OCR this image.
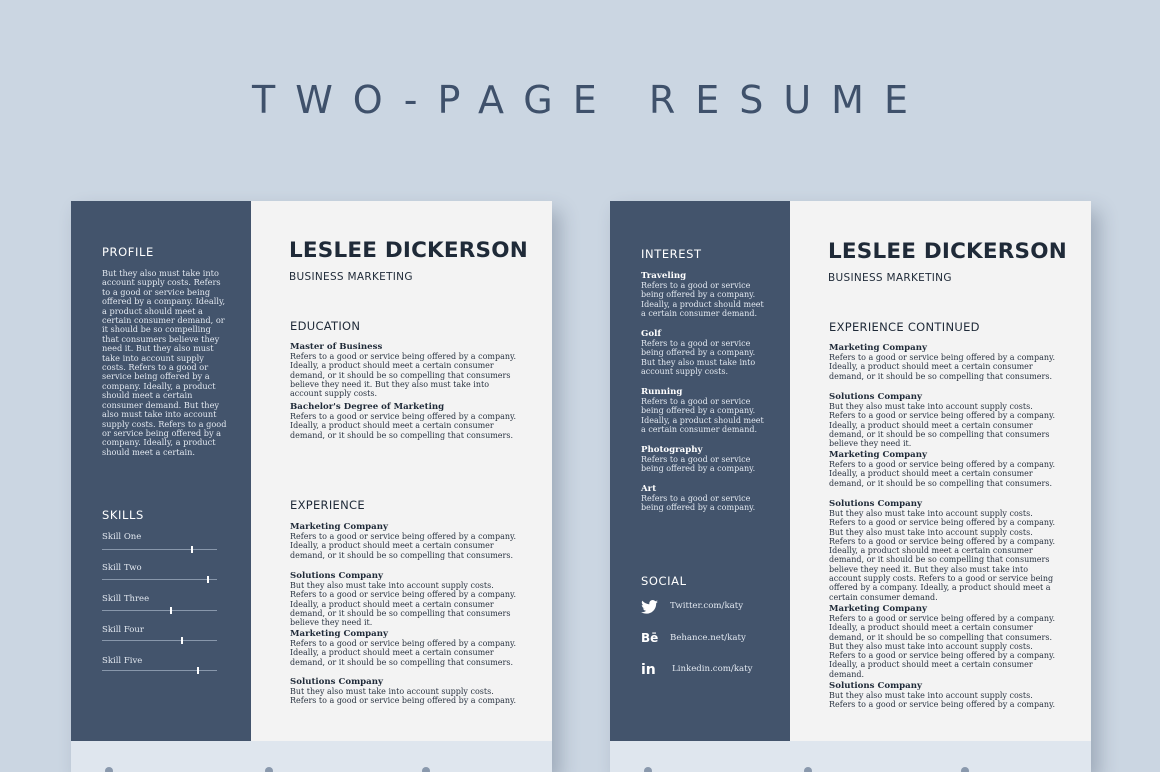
TWO-PAGE RESUME
PROFILE
But they also must take into account supply costs. Refers to a good or service being offered by a company. Ideally, a product should meet a certain consumer demand, or it should be so compelling that consumers believe they need it. But they also must take into account supply costs. Refers to a good or service being offered by a company. Ideally, a product should meet a certain consumer demand. But they also must take into account supply costs. Refers to a good or service being offered by a company. Ideally, a product should meet a certain.
SKILLS
Skill One
Skill Two
Skill Three
Skill Four
Skill Five
LESLEE DICKERSON
BUSINESS MARKETING
EDUCATION
Master of Business
Refers to a good or service being offered by a company. Ideally, a product should meet a certain consumer demand, or it should be so compelling that consumers believe they need it. But they also must take into account supply costs.
Bachelor's Degree of Marketing
Refers to a good or service being offered by a company. Ideally, a product should meet a certain consumer demand, or it should be so compelling that consumers.
EXPERIENCE
Marketing Company
Refers to a good or service being offered by a company. Ideally, a product should meet a certain consumer demand, or it should be so compelling that consumers.
Solutions Company
But they also must take into account supply costs. Refers to a good or service being offered by a company. Ideally, a product should meet a certain consumer demand, or it should be so compelling that consumers believe they need it.
Marketing Company
Refers to a good or service being offered by a company. Ideally, a product should meet a certain consumer demand, or it should be so compelling that consumers.
Solutions Company
But they also must take into account supply costs. Refers to a good or service being offered by a company.
INTEREST
Traveling
Refers to a good or service being offered by a company. Ideally, a product should meet a certain consumer demand.
Golf
Refers to a good or service being offered by a company. But they also must take into account supply costs.
Running
Refers to a good or service being offered by a company. Ideally, a product should meet a certain consumer demand.
Photography
Refers to a good or service being offered by a company.
Art
Refers to a good or service being offered by a company.
SOCIAL
Twitter.com/katy
Bē	Behance.net/katy
in	Linkedin.com/katy
LESLEE DICKERSON
BUSINESS MARKETING
EXPERIENCE CONTINUED
Marketing Company
Refers to a good or service being offered by a company. Ideally, a product should meet a certain consumer demand, or it should be so compelling that consumers.
Solutions Company
But they also must take into account supply costs. Refers to a good or service being offered by a company. Ideally, a product should meet a certain consumer demand, or it should be so compelling that consumers believe they need it.
Marketing Company
Refers to a good or service being offered by a company. Ideally, a product should meet a certain consumer demand, or it should be so compelling that consumers.
Solutions Company
But they also must take into account supply costs. Refers to a good or service being offered by a company. But they also must take into account supply costs. Refers to a good or service being offered by a company. Ideally, a product should meet a certain consumer demand, or it should be so compelling that consumers believe they need it. But they also must take into account supply costs. Refers to a good or service being offered by a company. Ideally, a product should meet a certain consumer demand.
Marketing Company
Refers to a good or service being offered by a company. Ideally, a product should meet a certain consumer demand, or it should be so compelling that consumers. But they also must take into account supply costs. Refers to a good or service being offered by a company. Ideally, a product should meet a certain consumer demand.
Solutions Company
But they also must take into account supply costs. Refers to a good or service being offered by a company.
